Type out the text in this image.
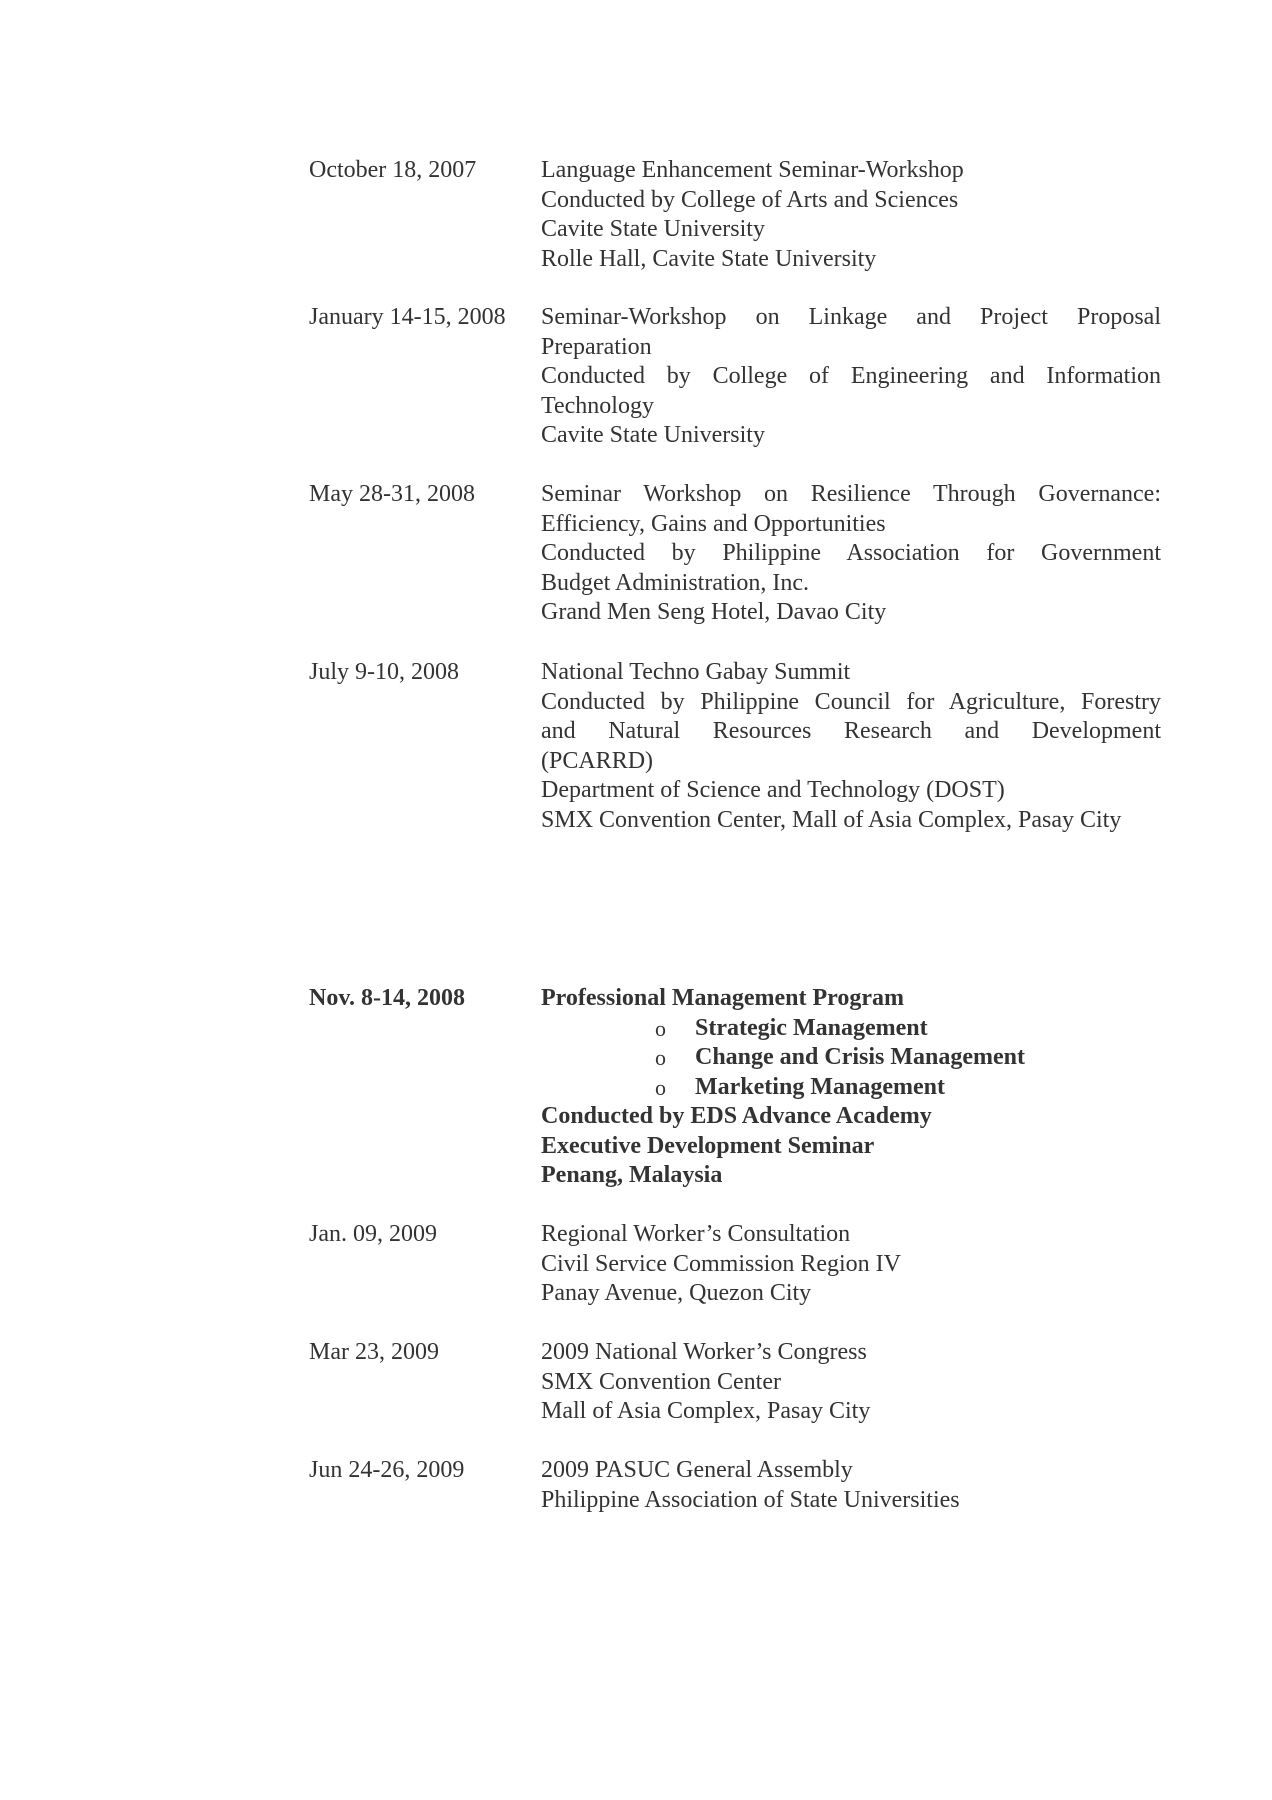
October 18, 2007	Language Enhancement Seminar-Workshop

Conducted by College of Arts and Sciences

Cavite State University

Rolle Hall, Cavite State University

January 14-15, 2008	Seminar-Workshop on Linkage and Project Proposal

Preparation

Conducted by College of Engineering and Information

Technology

Cavite State University

May 28-31, 2008	Seminar Workshop on Resilience Through Governance:

Efficiency, Gains and Opportunities

Conducted by Philippine Association for Government

Budget Administration, Inc.

Grand Men Seng Hotel, Davao City

July 9-10, 2008	National Techno Gabay Summit

Conducted by Philippine Council for Agriculture, Forestry

and Natural Resources Research and Development

(PCARRD)

Department of Science and Technology (DOST)

SMX Convention Center, Mall of Asia Complex, Pasay City

Nov. 8-14, 2008	Professional Management Program

o Strategic Management
o Change and Crisis Management
o Marketing Management

Conducted by EDS Advance Academy

Executive Development Seminar

Penang, Malaysia

Jan. 09, 2009	Regional Worker’s Consultation

Civil Service Commission Region IV

Panay Avenue, Quezon City

Mar 23, 2009	2009 National Worker’s Congress

SMX Convention Center

Mall of Asia Complex, Pasay City

Jun 24-26, 2009	2009 PASUC General Assembly

Philippine Association of State Universities
